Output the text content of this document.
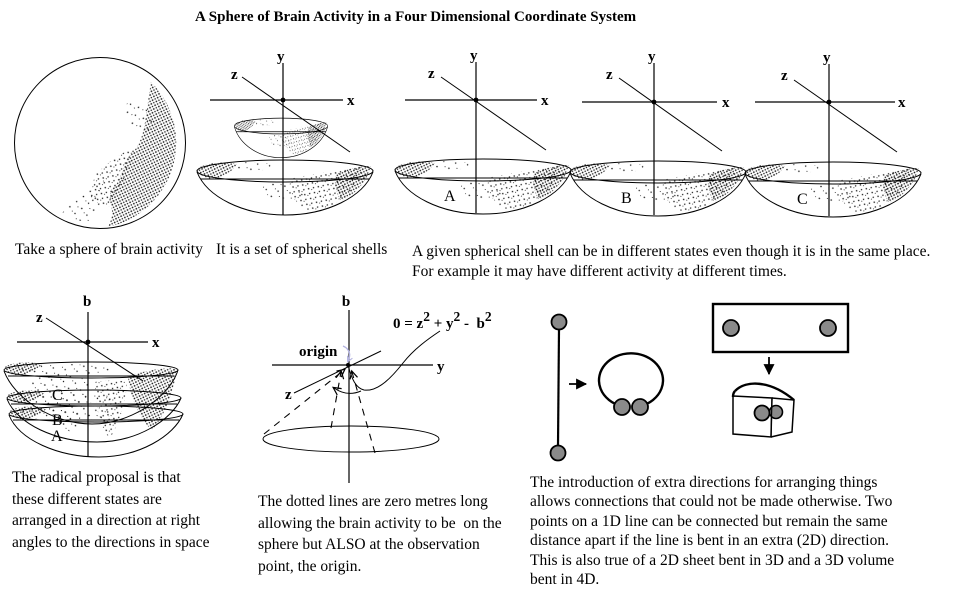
A Sphere of Brain Activity in a Four Dimensional Coordinate System
y
z
x
y
z
x
A
y
z
x
B
y
z
x
C
b
z
x
C
B
A
origin
b
y
z
0 = z2 + y2 -  b2
Take a sphere of brain activity It is a set of spherical shells A given spherical shell can be in different states even though it is in the same place.
For example it may have different activity at different times.
The radical proposal is that
these different states are
arranged in a direction at right
angles to the directions in space
The dotted lines are zero metres long
allowing the brain activity to be  on the
sphere but ALSO at the observation
point, the origin.
The introduction of extra directions for arranging things
allows connections that could not be made otherwise. Two
points on a 1D line can be connected but remain the same
distance apart if the line is bent in an extra (2D) direction.
This is also true of a 2D sheet bent in 3D and a 3D volume
bent in 4D.
